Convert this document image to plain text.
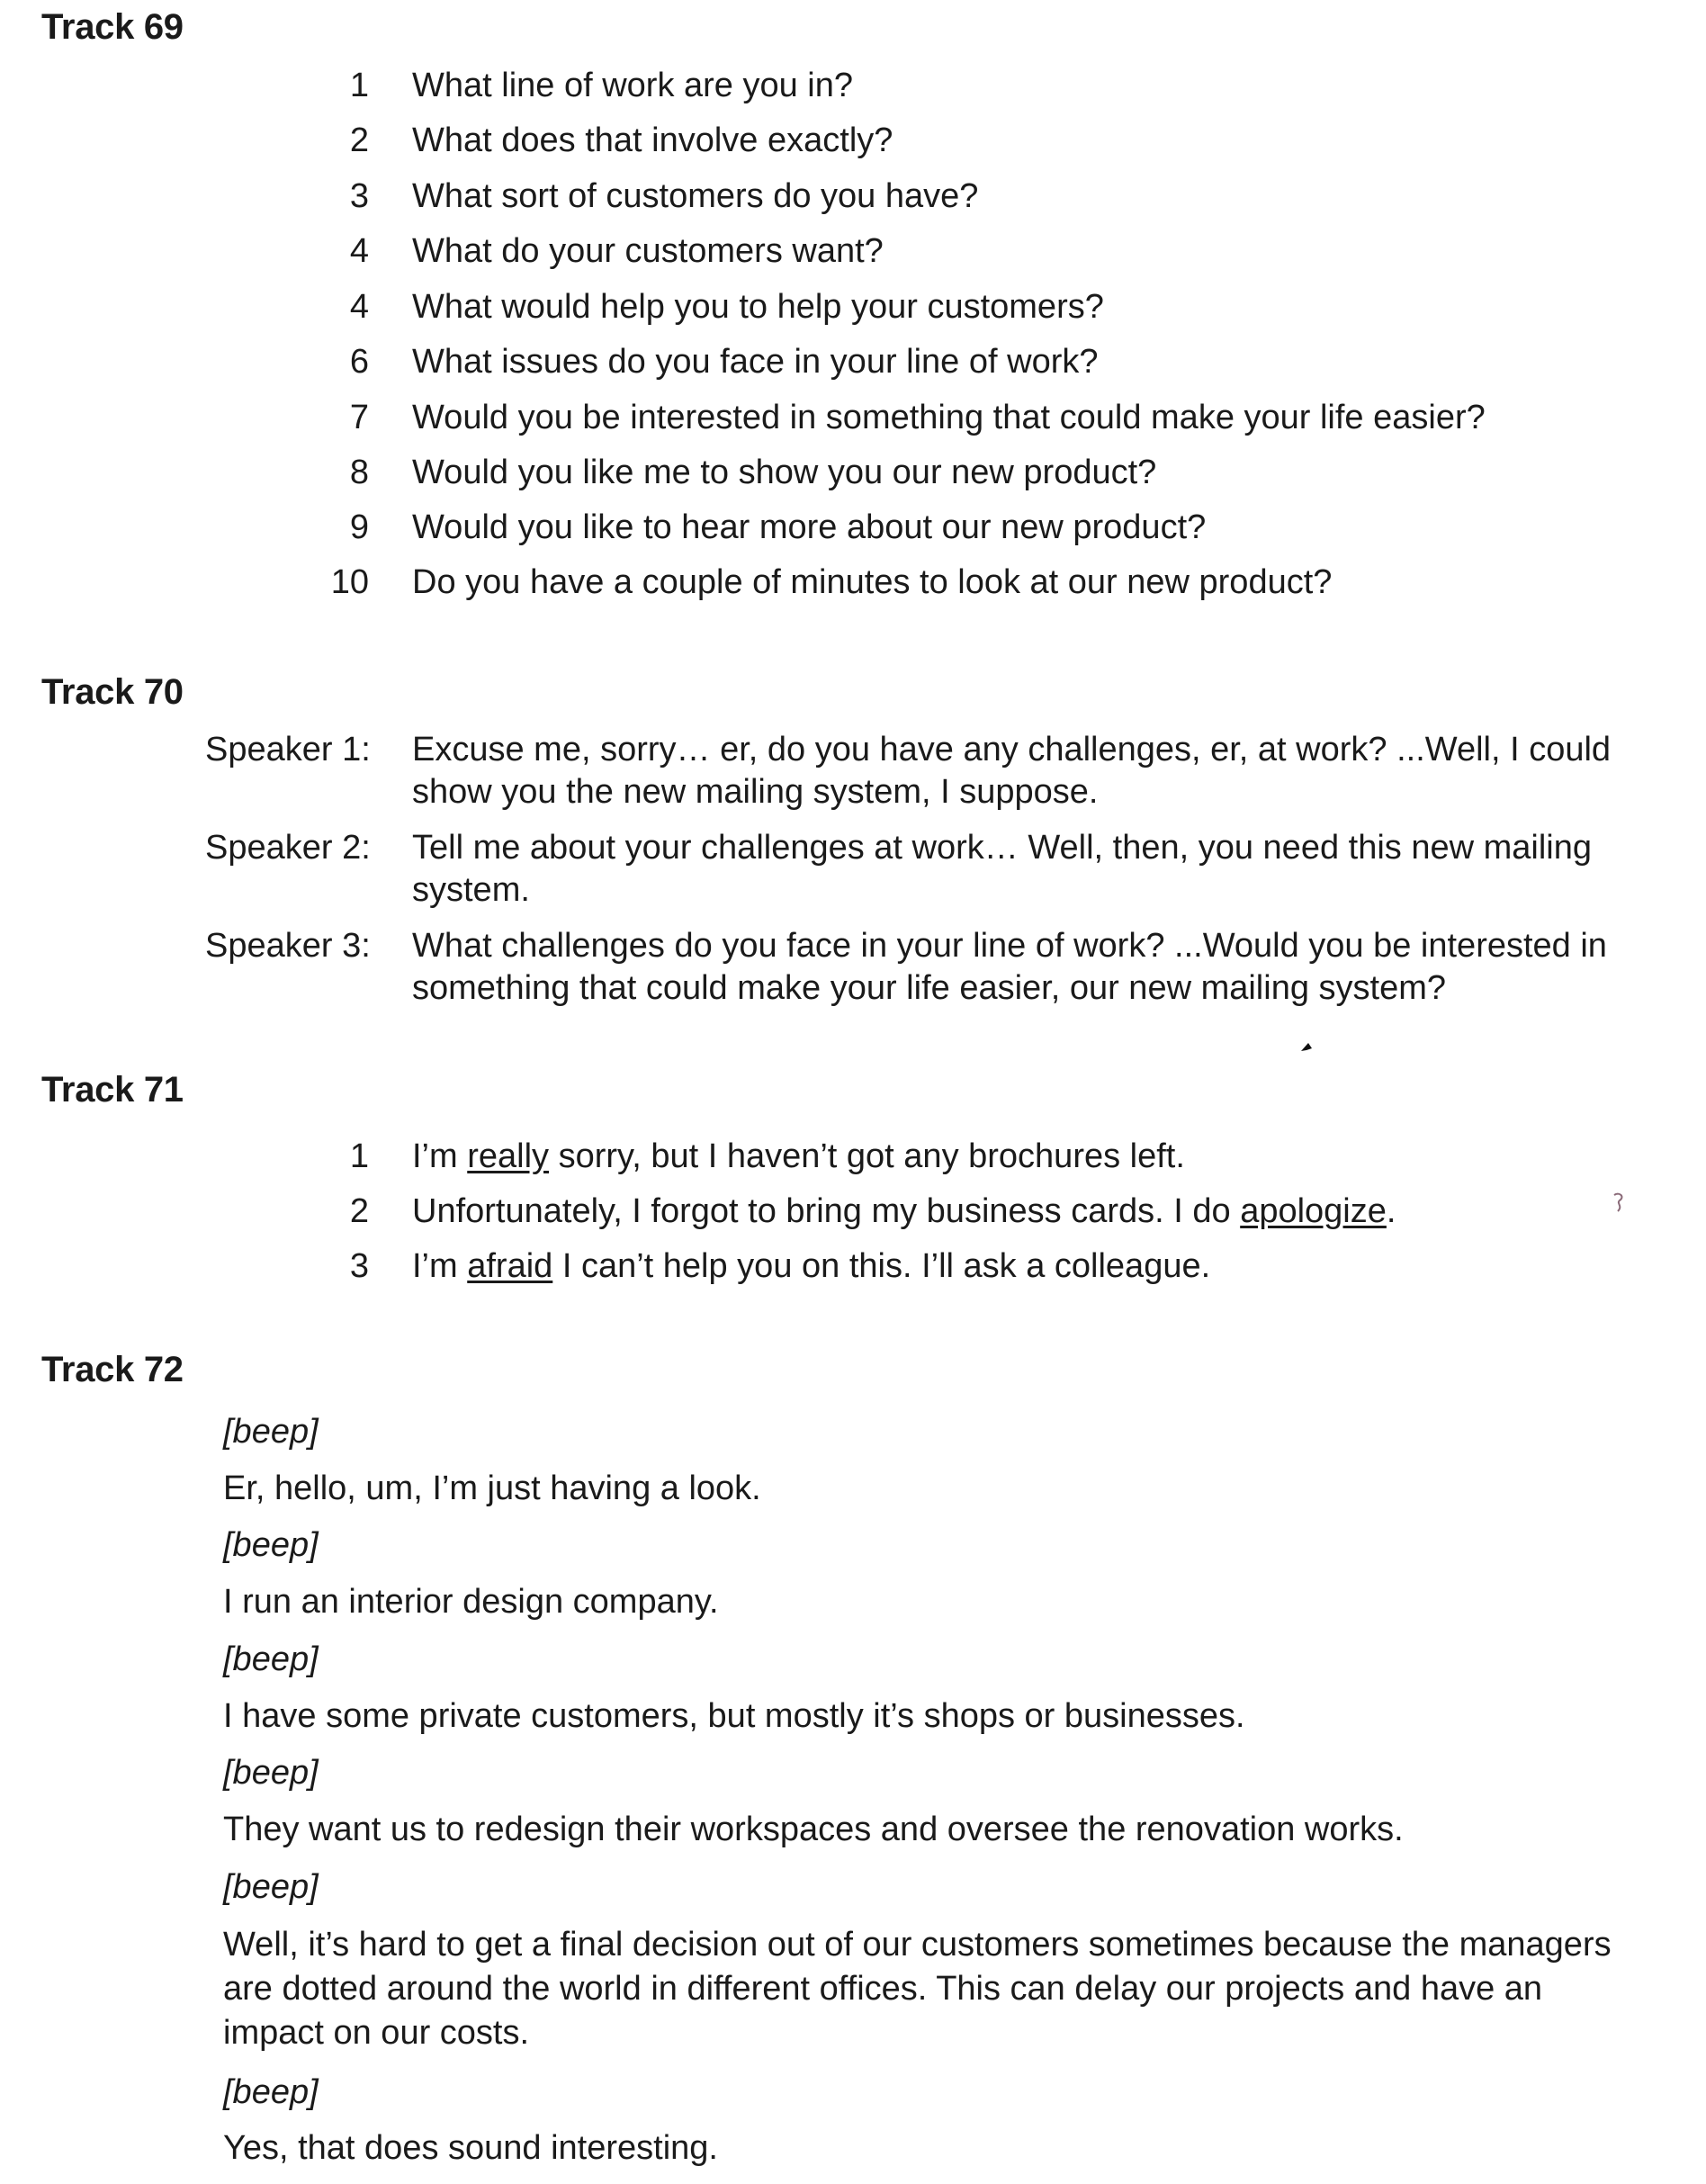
Track 69
1 What line of work are you in?
2 What does that involve exactly?
3 What sort of customers do you have?
4 What do your customers want?
4 What would help you to help your customers?
6 What issues do you face in your line of work?
7 Would you be interested in something that could make your life easier?
8 Would you like me to show you our new product?
9 Would you like to hear more about our new product?
10 Do you have a couple of minutes to look at our new product?
Track 70
Speaker 1: Excuse me, sorry… er, do you have any challenges, er, at work? ...Well, I could show you the new mailing system, I suppose.
Speaker 2: Tell me about your challenges at work… Well, then, you need this new mailing system.
Speaker 3: What challenges do you face in your line of work? ...Would you be interested in something that could make your life easier, our new mailing system?
Track 71
1 I’m really sorry, but I haven’t got any brochures left.
2 Unfortunately, I forgot to bring my business cards. I do apologize.
3 I’m afraid I can’t help you on this. I’ll ask a colleague.
Track 72
[beep]
Er, hello, um, I’m just having a look.
[beep]
I run an interior design company.
[beep]
I have some private customers, but mostly it’s shops or businesses.
[beep]
They want us to redesign their workspaces and oversee the renovation works.
[beep]
Well, it’s hard to get a final decision out of our customers sometimes because the managers are dotted around the world in different offices. This can delay our projects and have an impact on our costs.
[beep]
Yes, that does sound interesting.
